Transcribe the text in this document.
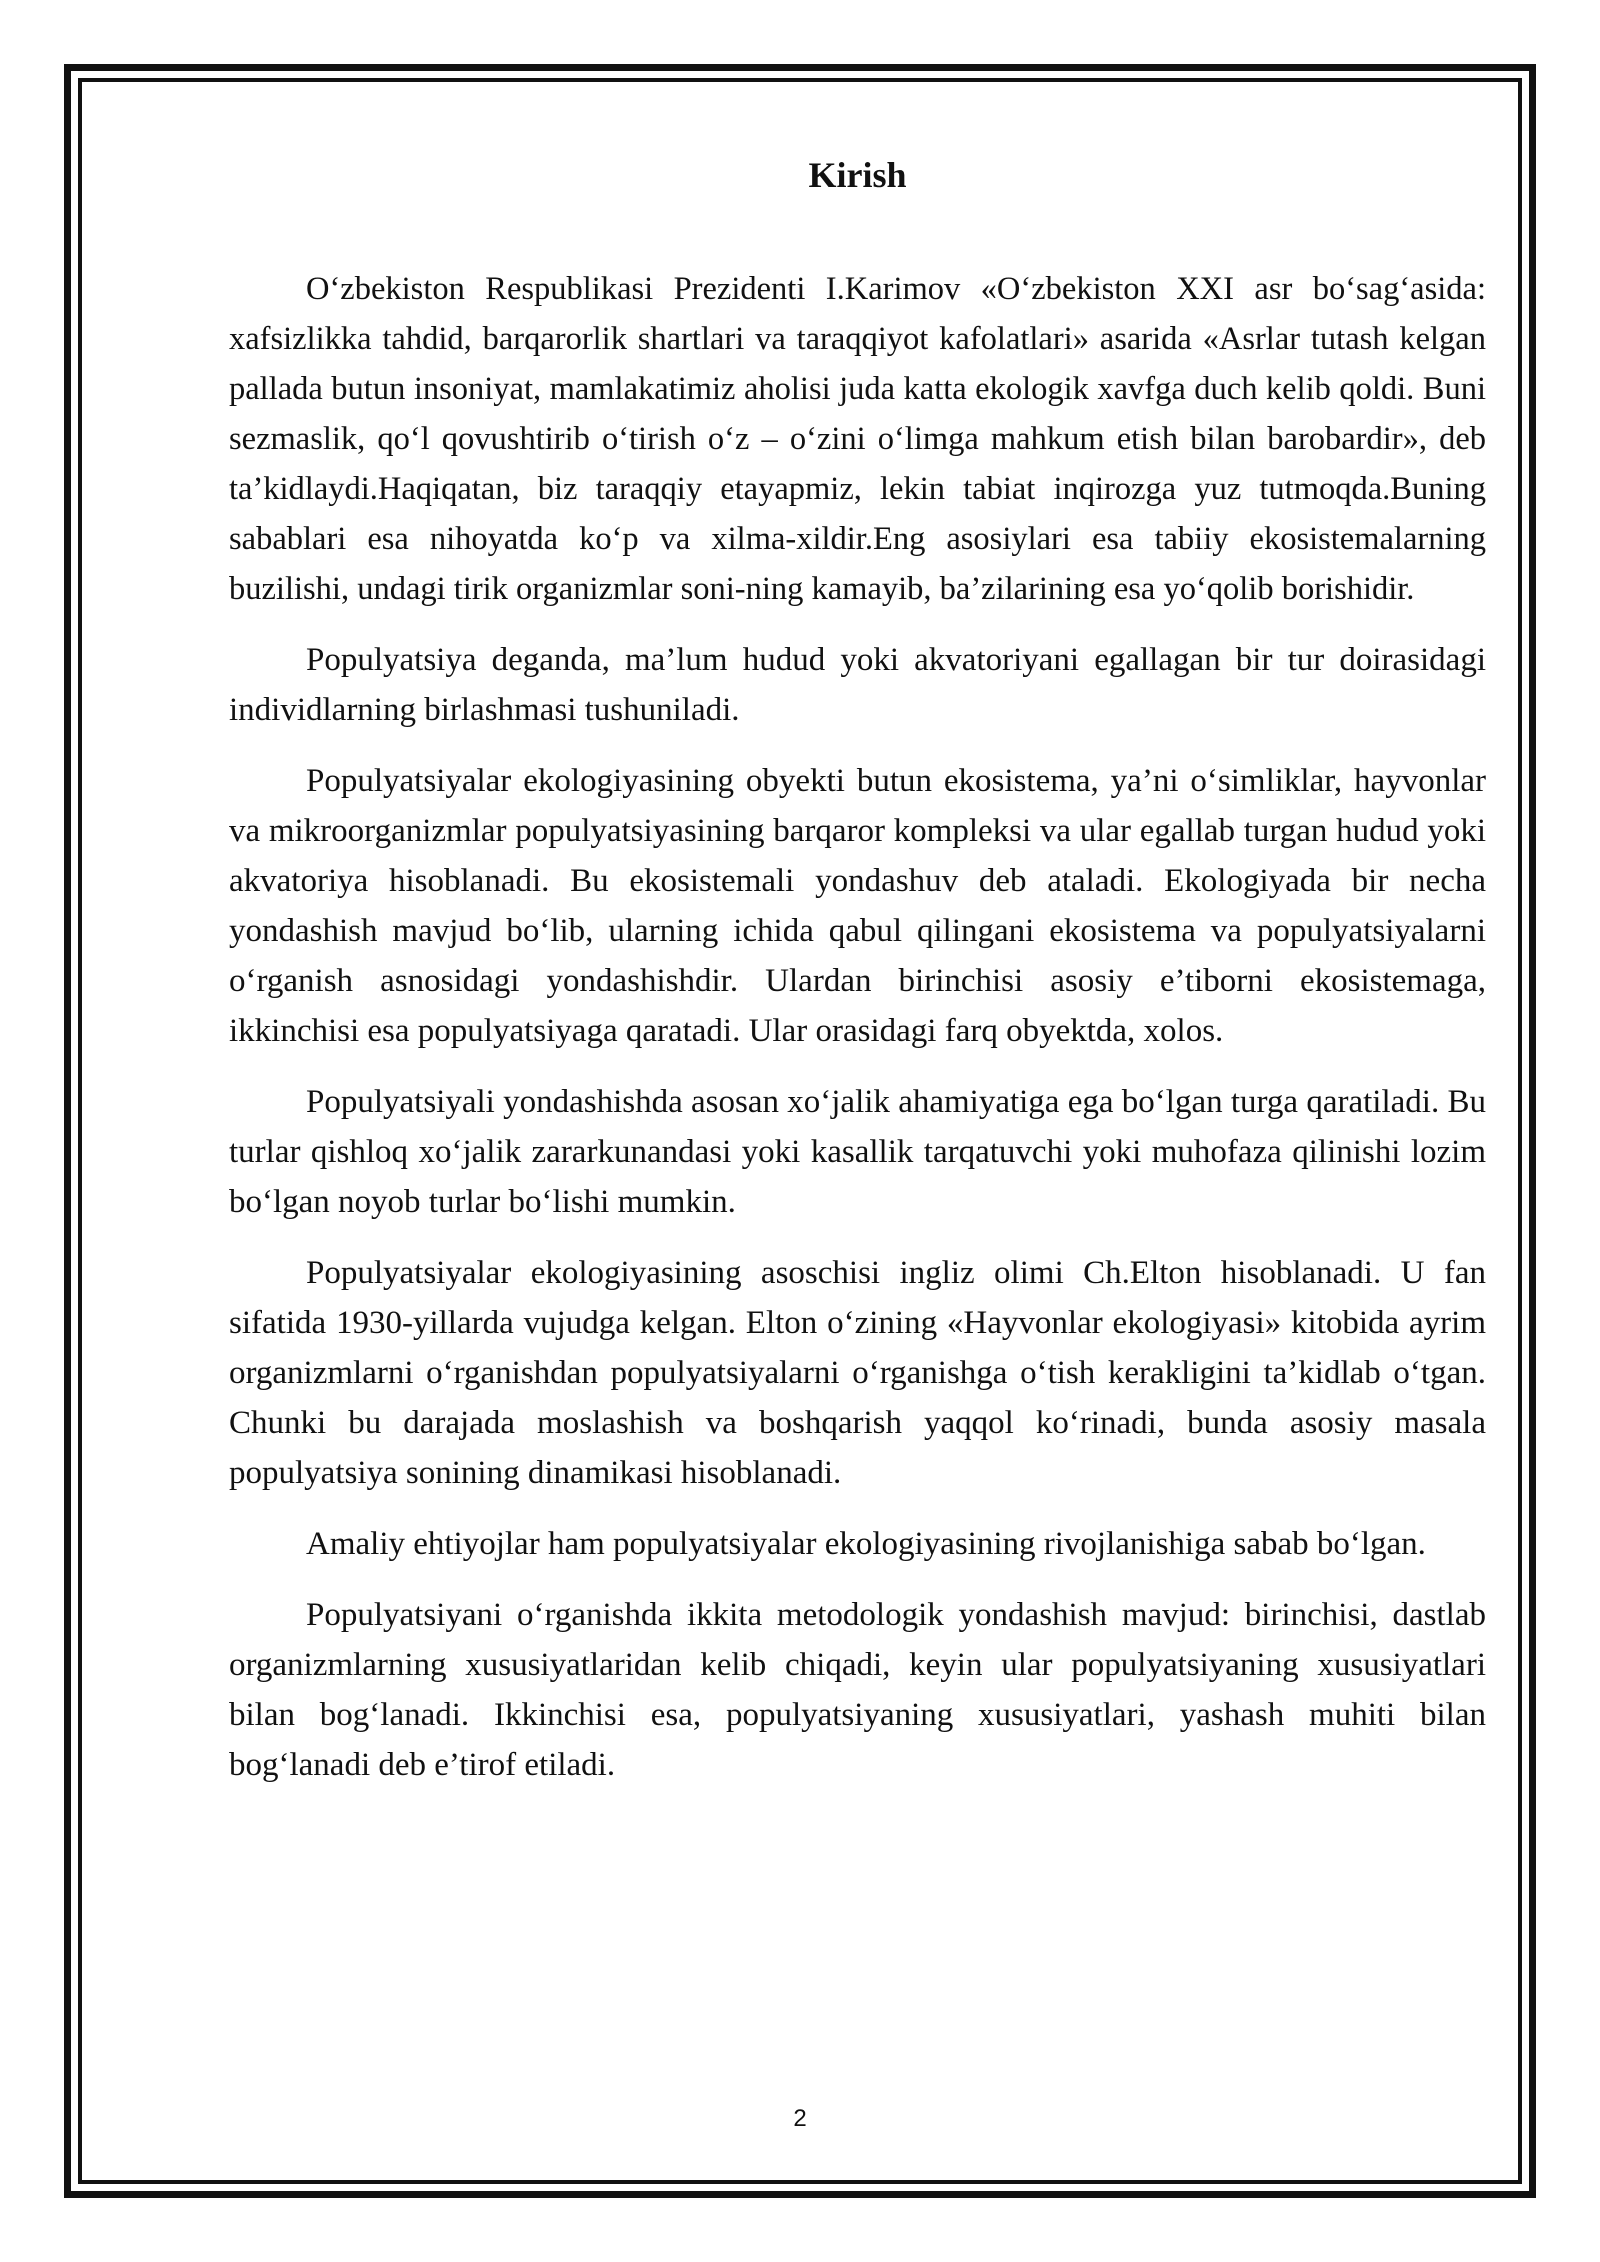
Kirish

O‘zbekiston Respublikasi Prezidenti I.Karimov «O‘zbekiston XXI asr bo‘sag‘asida: xafsizlikka tahdid, barqarorlik shartlari va taraqqiyot kafolatlari» asarida «Asrlar tutash kelgan pallada butun insoniyat, mamlakatimiz aholisi juda katta ekologik xavfga duch kelib qoldi. Buni sezmaslik, qo‘l qovushtirib o‘tirish o‘z – o‘zini o‘limga mahkum etish bilan barobardir», deb ta’kidlaydi.Haqiqatan, biz taraqqiy etayapmiz, lekin tabiat inqirozga yuz tutmoqda.Buning sabablari esa nihoyatda ko‘p va xilma-xildir.Eng asosiylari esa tabiiy ekosistemalarning buzilishi, undagi tirik organizmlar soni-ning kamayib, ba’zilarining esa yo‘qolib borishidir.

Populyatsiya deganda, ma’lum hudud yoki akvatoriyani egallagan bir tur doirasidagi individlarning birlashmasi tushuniladi.

Populyatsiyalar ekologiyasining obyekti butun ekosistema, ya’ni o‘simliklar, hayvonlar va mikroorganizmlar populyatsiyasining barqaror kompleksi va ular egallab turgan hudud yoki akvatoriya hisoblanadi. Bu ekosistemali yondashuv deb ataladi. Ekologiyada bir necha yondashish mavjud bo‘lib, ularning ichida qabul qilingani ekosistema va populyatsiyalarni o‘rganish asnosidagi yondashishdir. Ulardan birinchisi asosiy e’tiborni ekosistemaga, ikkinchisi esa populyatsiyaga qaratadi. Ular orasidagi farq obyektda, xolos.

Populyatsiyali yondashishda asosan xo‘jalik ahamiyatiga ega bo‘lgan turga qaratiladi. Bu turlar qishloq xo‘jalik zararkunandasi yoki kasallik tarqatuvchi yoki muhofaza qilinishi lozim bo‘lgan noyob turlar bo‘lishi mumkin.

Populyatsiyalar ekologiyasining asoschisi ingliz olimi Ch.Elton hisoblanadi. U fan sifatida 1930-yillarda vujudga kelgan. Elton o‘zining «Hayvonlar ekologiyasi» kitobida ayrim organizmlarni o‘rganishdan populyatsiyalarni o‘rganishga o‘tish kerakligini ta’kidlab o‘tgan. Chunki bu darajada moslashish va boshqarish yaqqol ko‘rinadi, bunda asosiy masala populyatsiya sonining dinamikasi hisoblanadi.

Amaliy ehtiyojlar ham populyatsiyalar ekologiyasining rivojlanishiga sabab bo‘lgan.

Populyatsiyani o‘rganishda ikkita metodologik yondashish mavjud: birinchisi, dastlab organizmlarning xususiyatlaridan kelib chiqadi, keyin ular populyatsiyaning xususiyatlari bilan bog‘lanadi. Ikkinchisi esa, populyatsiyaning xususiyatlari, yashash muhiti bilan bog‘lanadi deb e’tirof etiladi.

2
